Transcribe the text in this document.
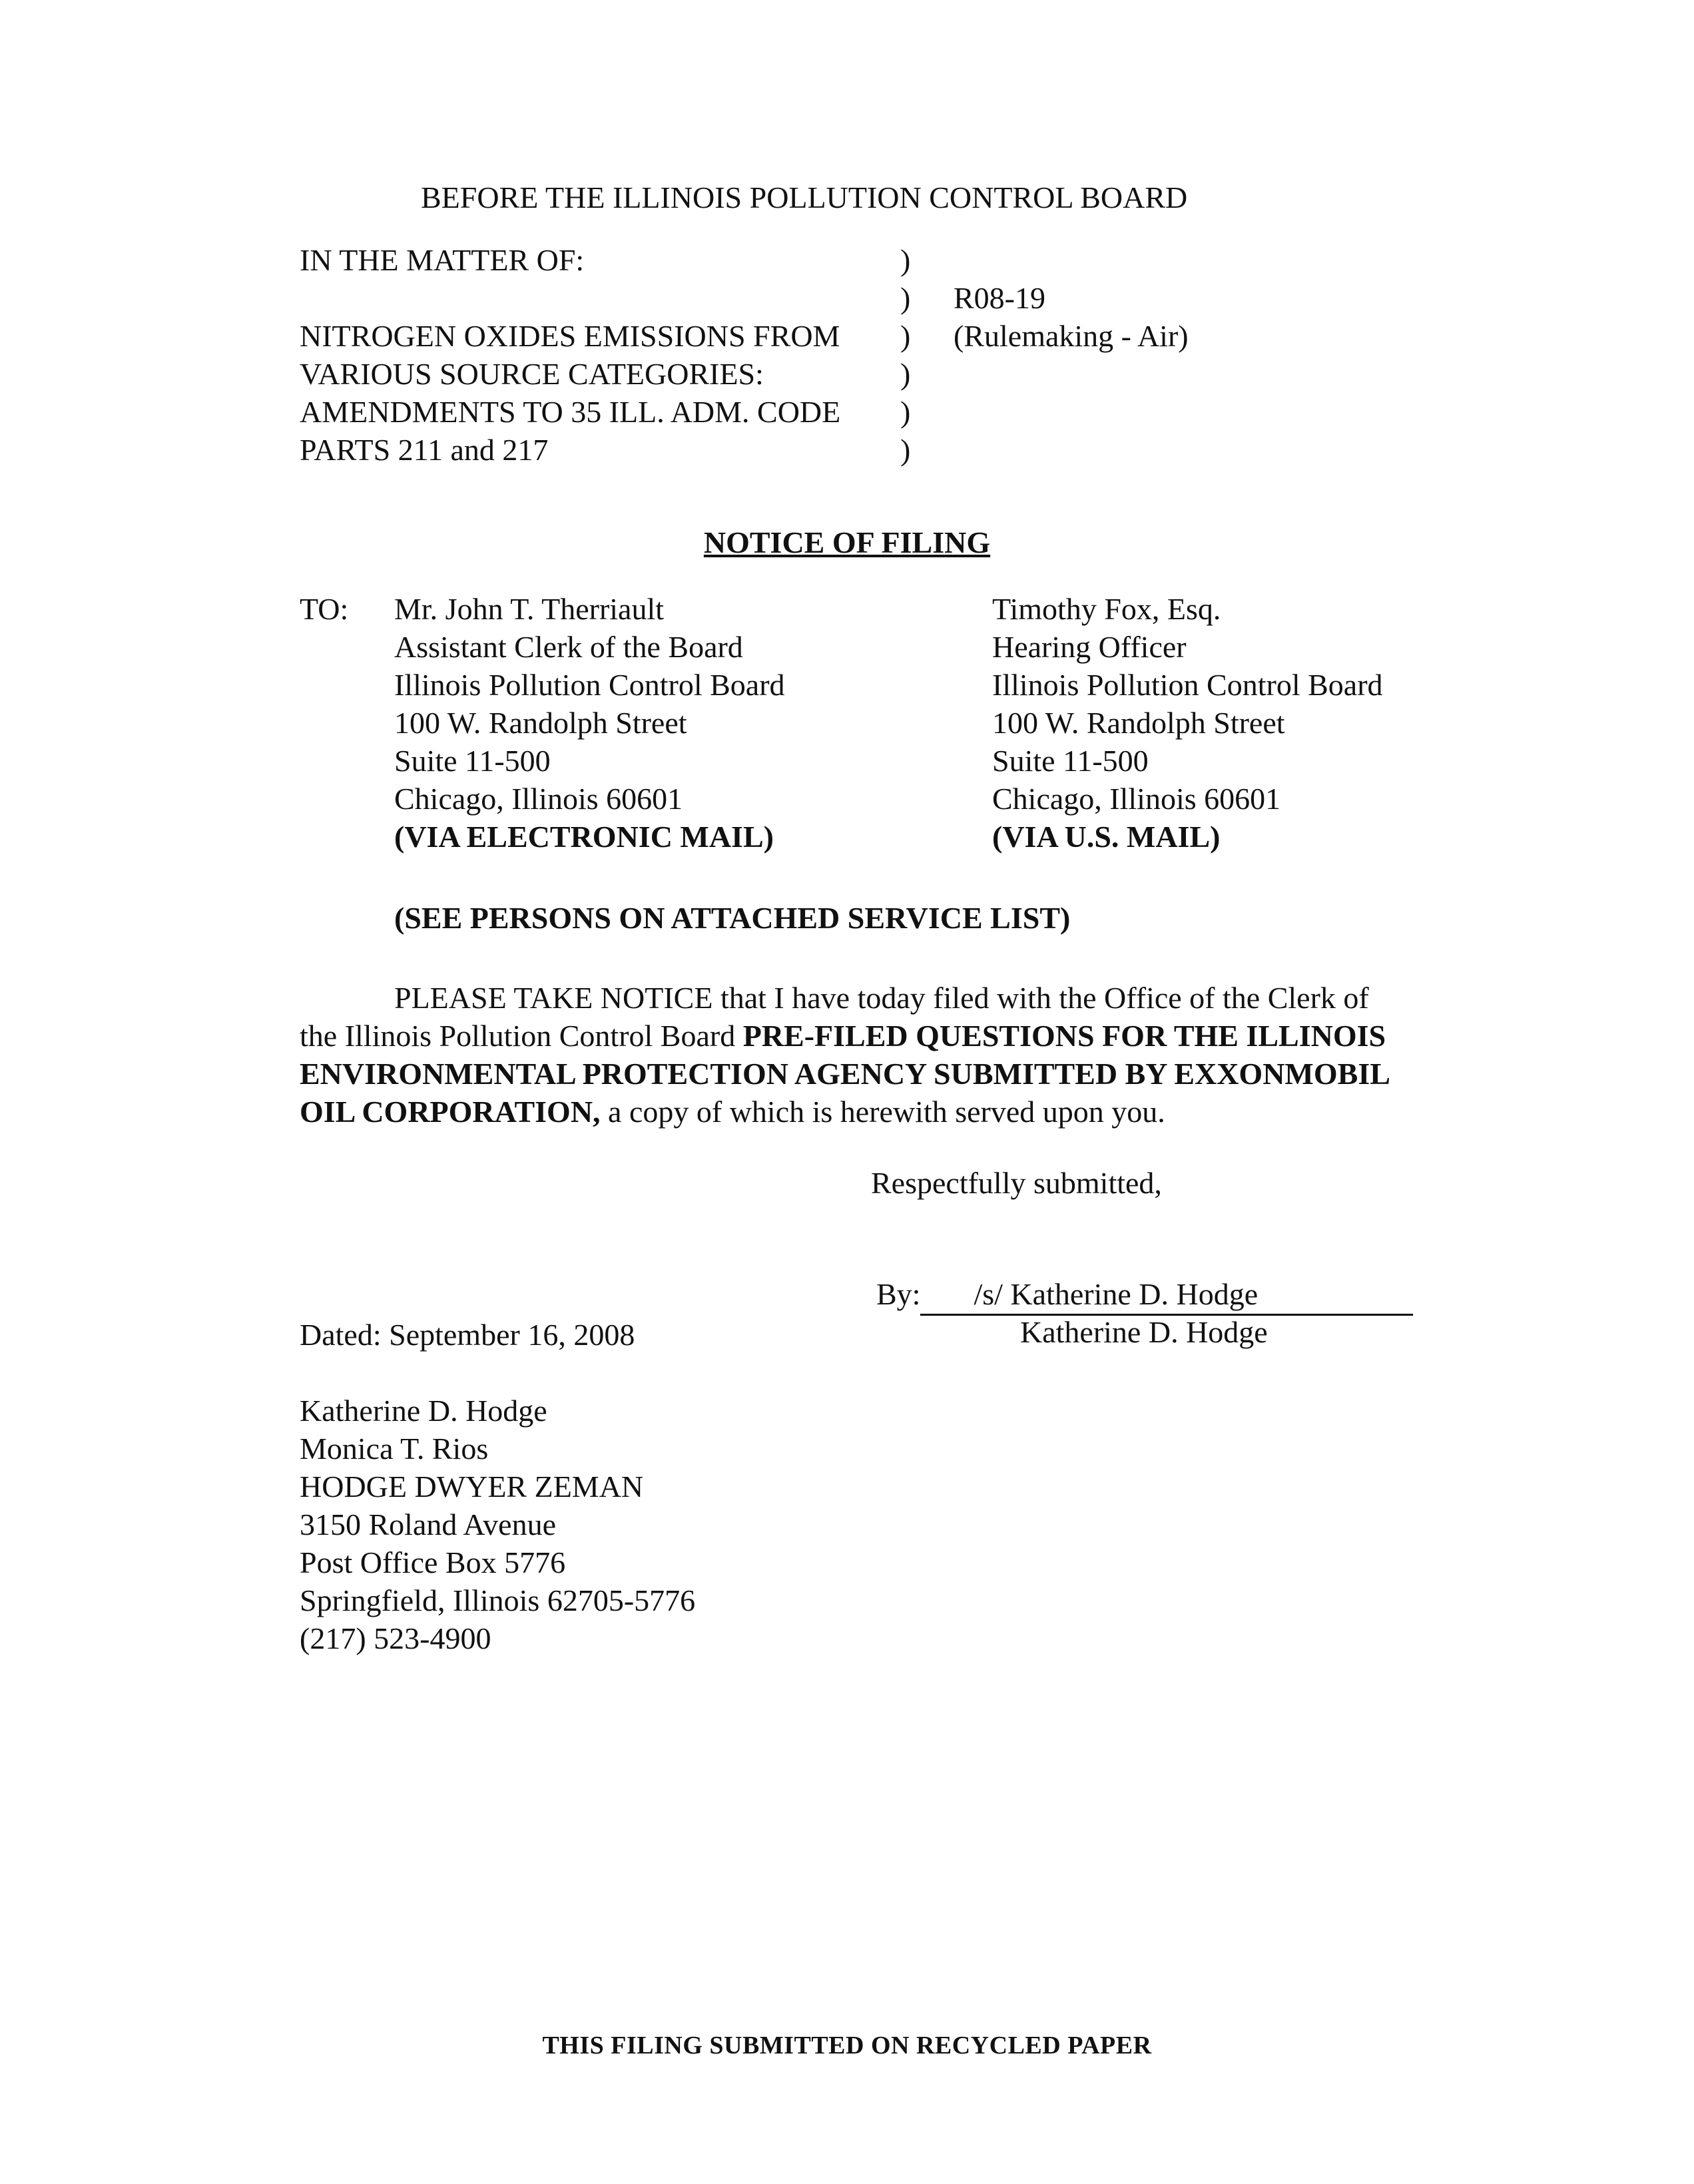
BEFORE THE ILLINOIS POLLUTION CONTROL BOARD
IN THE MATTER OF:
NITROGEN OXIDES EMISSIONS FROM
VARIOUS SOURCE CATEGORIES:
AMENDMENTS TO 35 ILL. ADM. CODE
PARTS 211 and 217
)
)
)
)
)
)
R08-19
(Rulemaking - Air)
NOTICE OF FILING
TO: Mr. John T. Therriault
Assistant Clerk of the Board
Illinois Pollution Control Board
100 W. Randolph Street
Suite 11-500
Chicago, Illinois 60601
(VIA ELECTRONIC MAIL)
Timothy Fox, Esq.
Hearing Officer
Illinois Pollution Control Board
100 W. Randolph Street
Suite 11-500
Chicago, Illinois 60601
(VIA U.S. MAIL)
(SEE PERSONS ON ATTACHED SERVICE LIST)
PLEASE TAKE NOTICE that I have today filed with the Office of the Clerk of
the Illinois Pollution Control Board PRE-FILED QUESTIONS FOR THE ILLINOIS
ENVIRONMENTAL PROTECTION AGENCY SUBMITTED BY EXXONMOBIL
OIL CORPORATION, a copy of which is herewith served upon you.
Respectfully submitted,
By: /s/ Katherine D. Hodge
Katherine D. Hodge
Dated: September 16, 2008
Katherine D. Hodge
Monica T. Rios
HODGE DWYER ZEMAN
3150 Roland Avenue
Post Office Box 5776
Springfield, Illinois 62705-5776
(217) 523-4900
THIS FILING SUBMITTED ON RECYCLED PAPER
